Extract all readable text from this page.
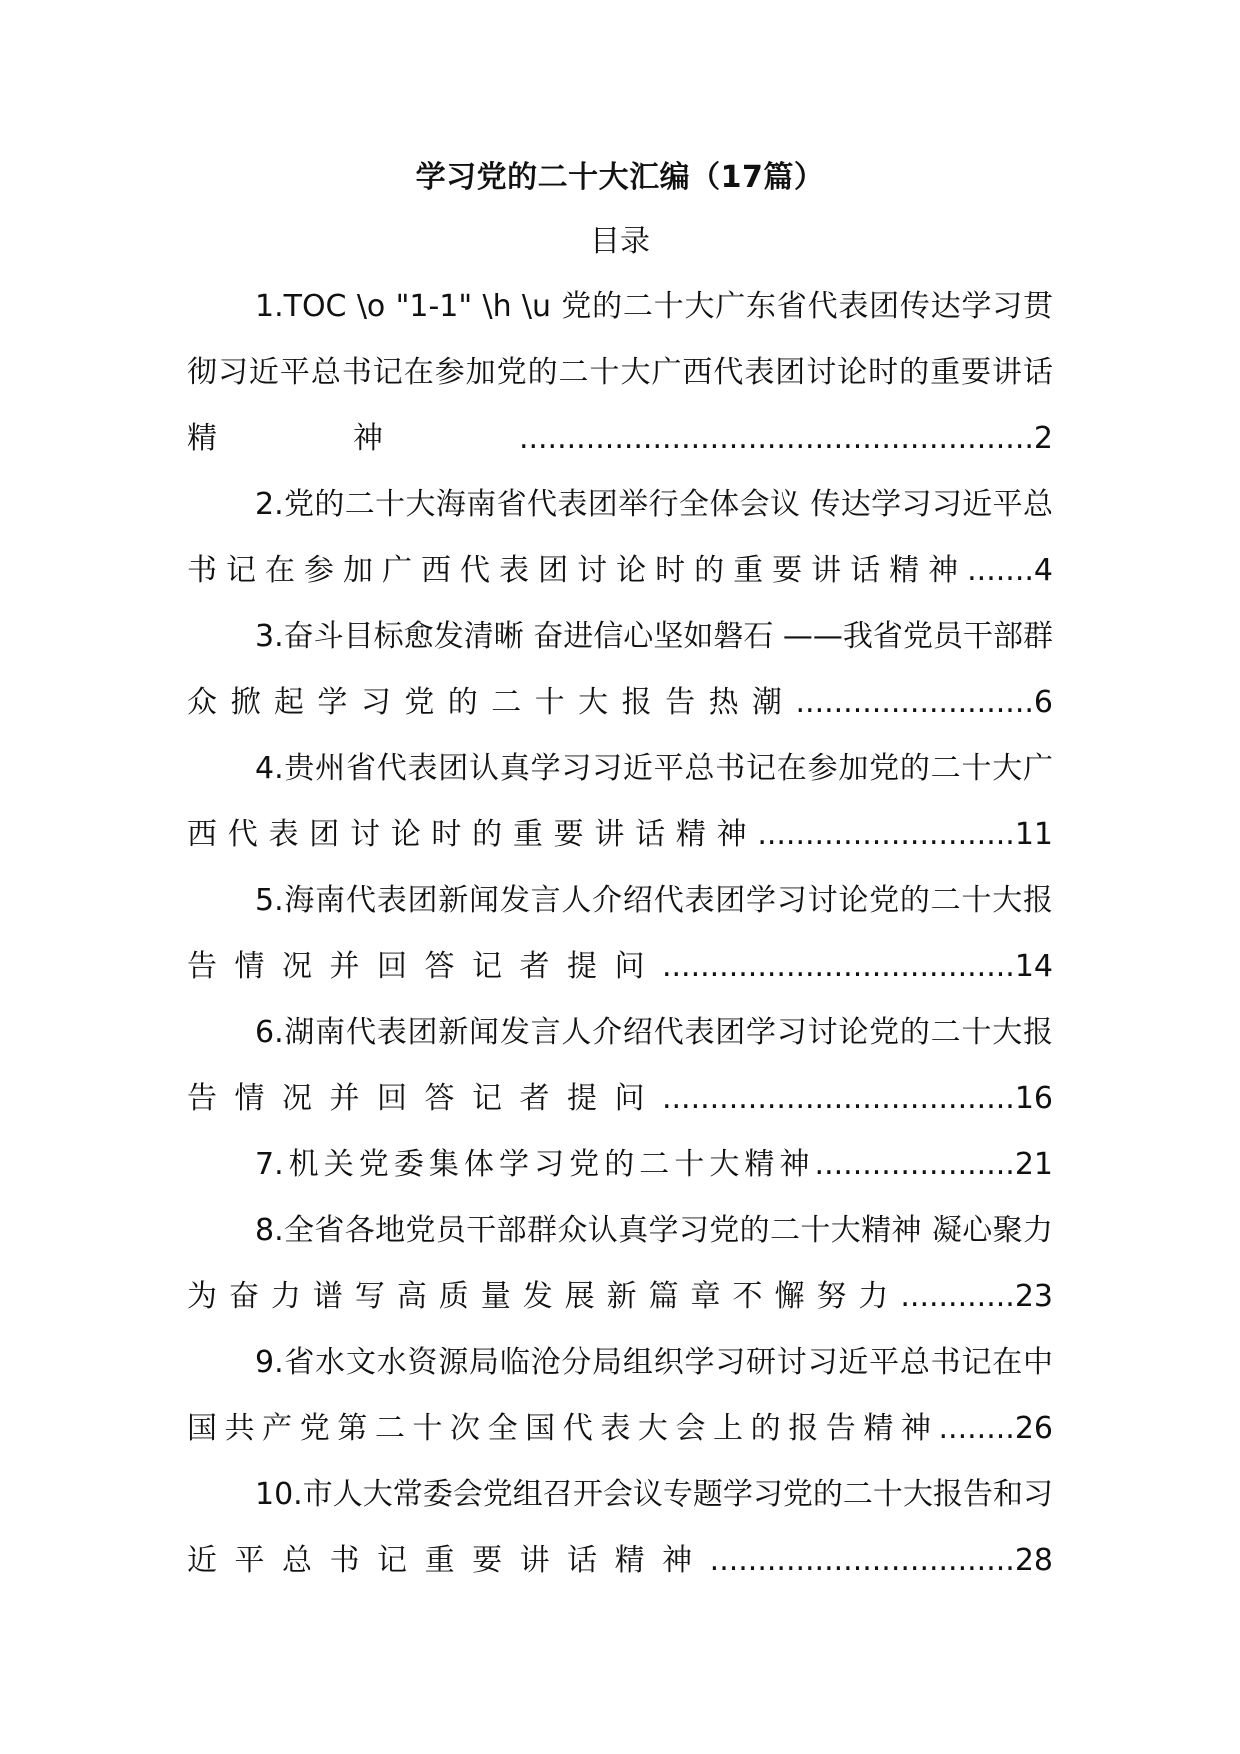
学习党的二十大汇编（17篇）
目录
1.TOC \o "1-1" \h \u 党的二十大广东省代表团传达学习贯彻习近平总书记在参加党的二十大广西代表团讨论时的重要讲话精神......................................................2
2.党的二十大海南省代表团举行全体会议 传达学习习近平总书记在参加广西代表团讨论时的重要讲话精神.......4
3.奋斗目标愈发清晰 奋进信心坚如磐石 ——我省党员干部群众掀起学习党的二十大报告热潮.........................6
4.贵州省代表团认真学习习近平总书记在参加党的二十大广西代表团讨论时的重要讲话精神...........................11
5.海南代表团新闻发言人介绍代表团学习讨论党的二十大报告情况并回答记者提问.....................................14
6.湖南代表团新闻发言人介绍代表团学习讨论党的二十大报告情况并回答记者提问.....................................16
7.机关党委集体学习党的二十大精神.....................21
8.全省各地党员干部群众认真学习党的二十大精神 凝心聚力 为奋力谱写高质量发展新篇章不懈努力............23
9.省水文水资源局临沧分局组织学习研讨习近平总书记在中国共产党第二十次全国代表大会上的报告精神........26
10.市人大常委会党组召开会议专题学习党的二十大报告和习近平总书记重要讲话精神................................28
